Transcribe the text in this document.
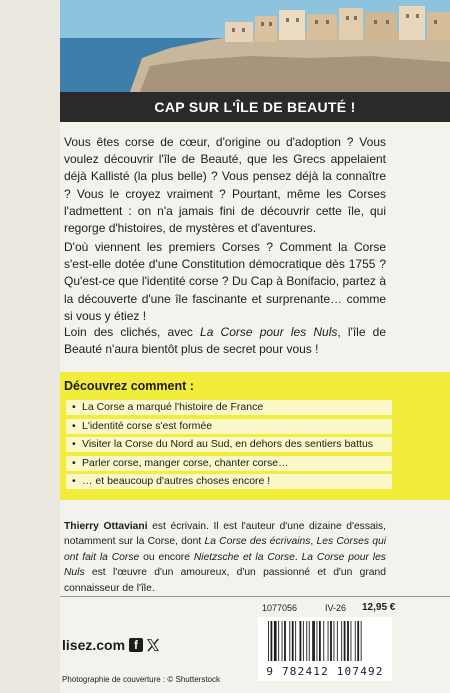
CAP SUR L'ÎLE DE BEAUTÉ !

Vous êtes corse de cœur, d'origine ou d'adoption ? Vous voulez découvrir l'île de Beauté, que les Grecs appelaient déjà Kallisté (la plus belle) ? Vous pensez déjà la connaître ? Vous le croyez vraiment ? Pourtant, même les Corses l'admettent : on n'a jamais fini de découvrir cette île, qui regorge d'histoires, de mystères et d'aventures.

D'où viennent les premiers Corses ? Comment la Corse s'est-elle dotée d'une Constitution démocratique dès 1755 ? Qu'est-ce que l'identité corse ? Du Cap à Bonifacio, partez à la découverte d'une île fascinante et surprenante… comme si vous y étiez !

Loin des clichés, avec La Corse pour les Nuls, l'île de Beauté n'aura bientôt plus de secret pour vous !

Découvrez comment :
• La Corse a marqué l'histoire de France
• L'identité corse s'est formée
• Visiter la Corse du Nord au Sud, en dehors des sentiers battus
• Parler corse, manger corse, chanter corse…
• … et beaucoup d'autres choses encore !

Thierry Ottaviani est écrivain. Il est l'auteur d'une dizaine d'essais, notamment sur la Corse, dont La Corse des écrivains, Les Corses qui ont fait la Corse ou encore Nietzsche et la Corse. La Corse pour les Nuls est l'œuvre d'un amoureux, d'un passionné et d'un grand connaisseur de l'île.

1077056	IV-26 12,95 €
lisez.com f
Photographie de couverture : © Shutterstock
9 782412 107492
